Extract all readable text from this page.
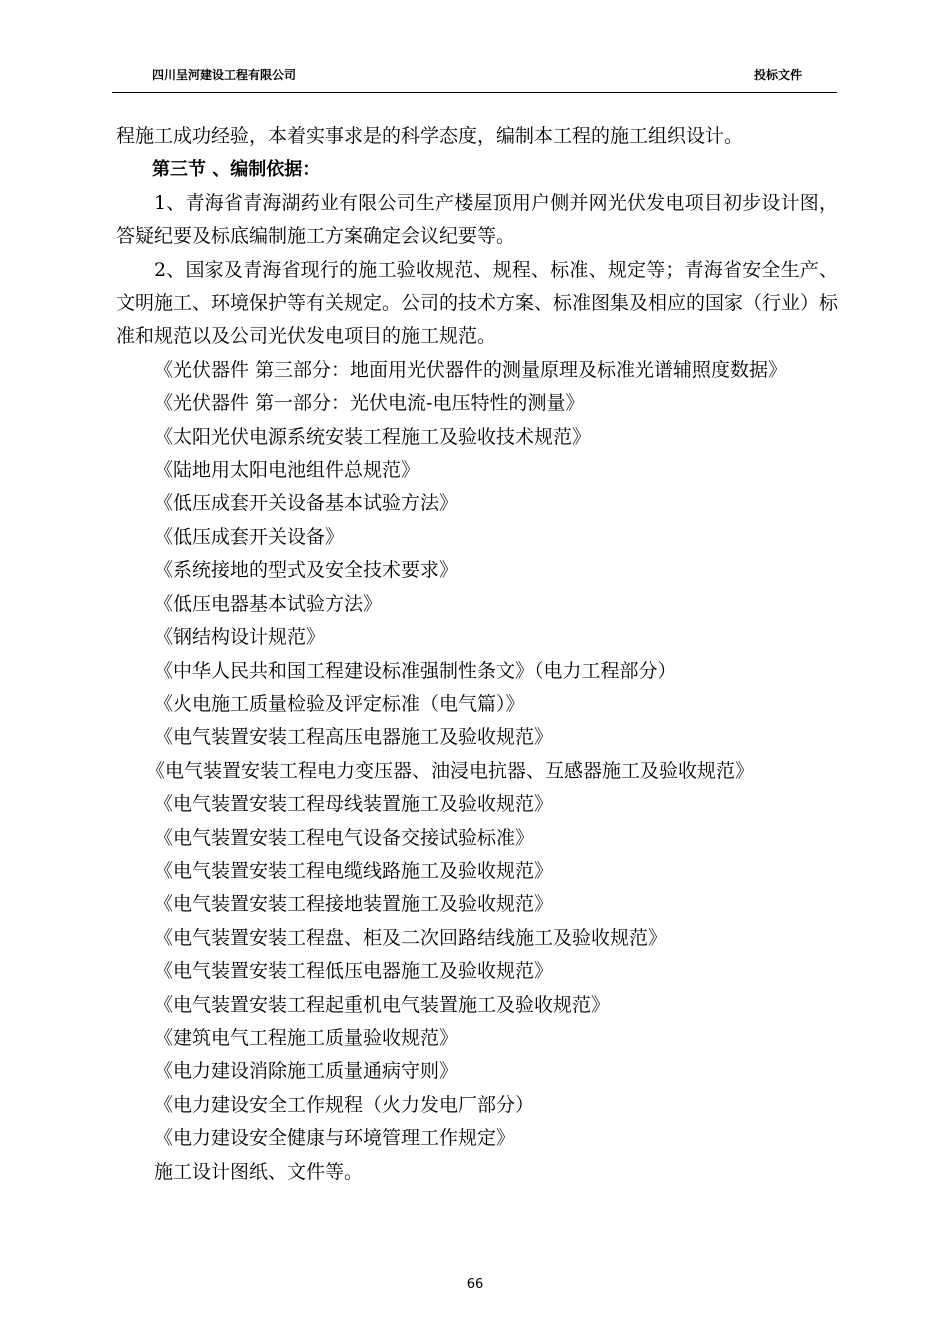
四川呈河建设工程有限公司	投标文件

程施工成功经验，本着实事求是的科学态度，编制本工程的施工组织设计。

第三节 、编制依据：

1、青海省青海湖药业有限公司生产楼屋顶用户侧并网光伏发电项目初步设计图，答疑纪要及标底编制施工方案确定会议纪要等。

2、国家及青海省现行的施工验收规范、规程、标准、规定等；青海省安全生产、文明施工、环境保护等有关规定。公司的技术方案、标准图集及相应的国家（行业）标准和规范以及公司光伏发电项目的施工规范。

《光伏器件 第三部分：地面用光伏器件的测量原理及标准光谱辅照度数据》
《光伏器件 第一部分：光伏电流-电压特性的测量》
《太阳光伏电源系统安装工程施工及验收技术规范》
《陆地用太阳电池组件总规范》
《低压成套开关设备基本试验方法》
《低压成套开关设备》
《系统接地的型式及安全技术要求》
《低压电器基本试验方法》
《钢结构设计规范》
《中华人民共和国工程建设标准强制性条文》（电力工程部分）
《火电施工质量检验及评定标准（电气篇）》
《电气装置安装工程高压电器施工及验收规范》
《电气装置安装工程电力变压器、油浸电抗器、互感器施工及验收规范》
《电气装置安装工程母线装置施工及验收规范》
《电气装置安装工程电气设备交接试验标准》
《电气装置安装工程电缆线路施工及验收规范》
《电气装置安装工程接地装置施工及验收规范》
《电气装置安装工程盘、柜及二次回路结线施工及验收规范》
《电气装置安装工程低压电器施工及验收规范》
《电气装置安装工程起重机电气装置施工及验收规范》
《建筑电气工程施工质量验收规范》
《电力建设消除施工质量通病守则》
《电力建设安全工作规程（火力发电厂部分）
《电力建设安全健康与环境管理工作规定》

施工设计图纸、文件等。

66
